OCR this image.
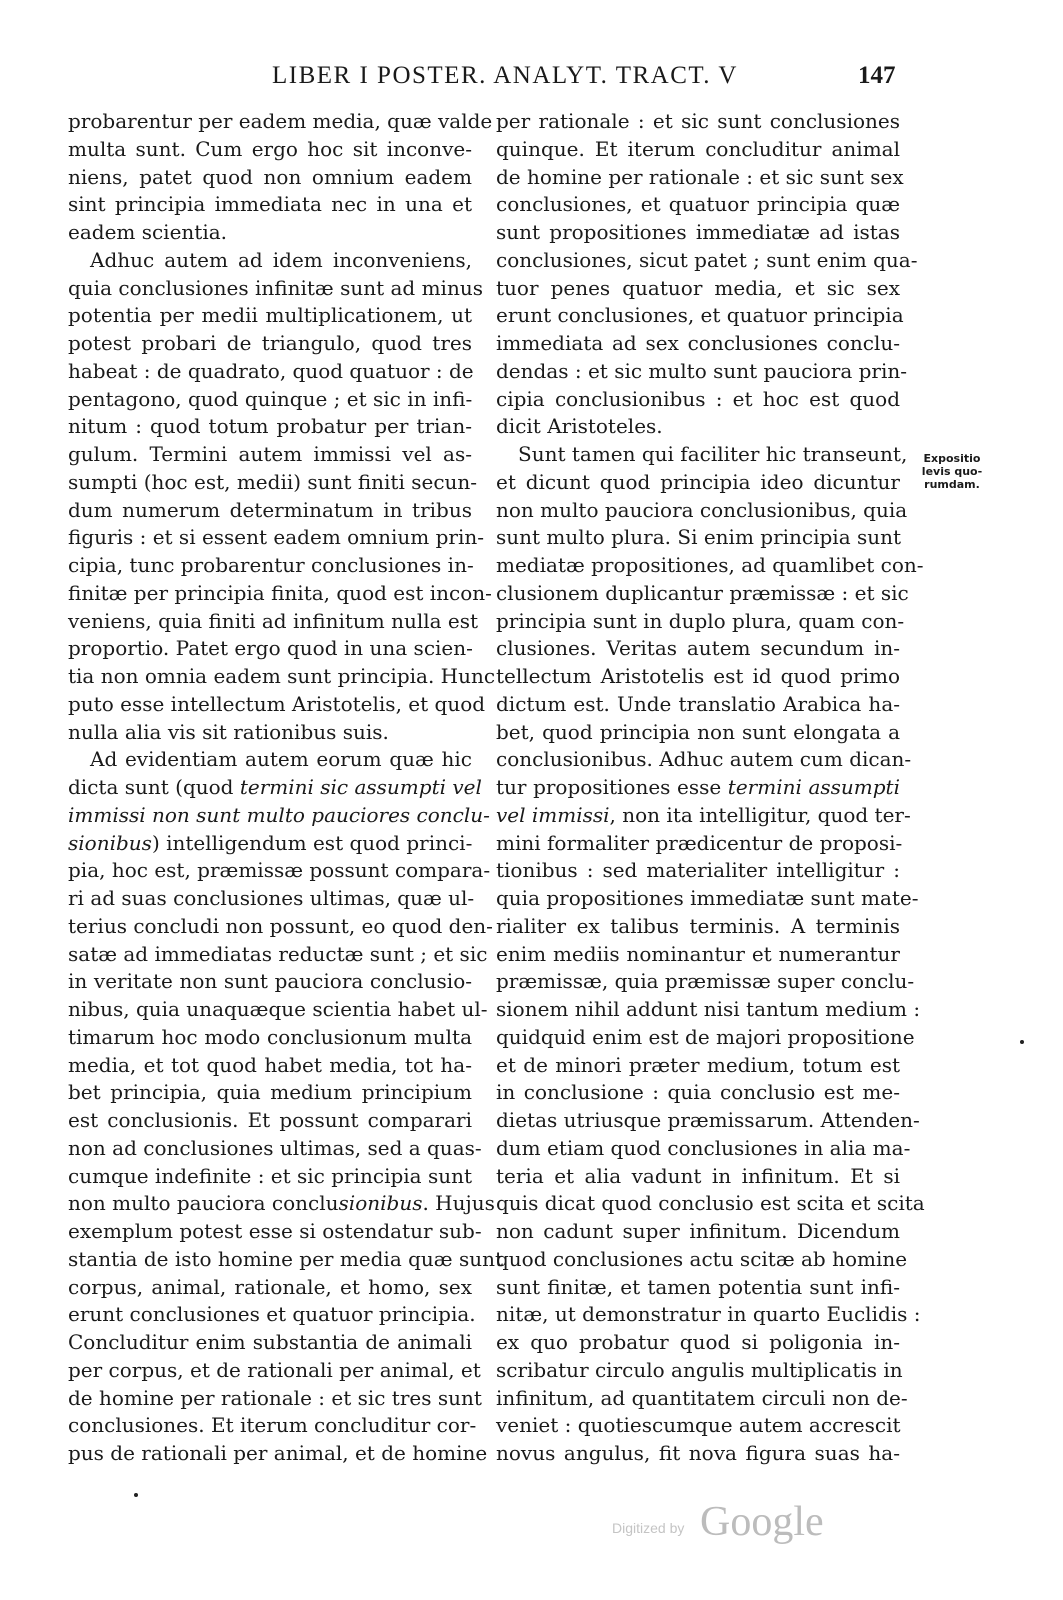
LIBER I POSTER. ANALYT. TRACT. V	147
probarentur per eadem media, quæ valde
multa sunt. Cum ergo hoc sit inconve-
niens, patet quod non omnium eadem
sint principia immediata nec in una et
eadem scientia.
Adhuc autem ad idem inconveniens,
quia conclusiones infinitæ sunt ad minus
potentia per medii multiplicationem, ut
potest probari de triangulo, quod tres
habeat : de quadrato, quod quatuor : de
pentagono, quod quinque ; et sic in infi-
nitum : quod totum probatur per trian-
gulum. Termini autem immissi vel as-
sumpti (hoc est, medii) sunt finiti secun-
dum numerum determinatum in tribus
figuris : et si essent eadem omnium prin-
cipia, tunc probarentur conclusiones in-
finitæ per principia finita, quod est incon-
veniens, quia finiti ad infinitum nulla est
proportio. Patet ergo quod in una scien-
tia non omnia eadem sunt principia. Hunc
puto esse intellectum Aristotelis, et quod
nulla alia vis sit rationibus suis.
Ad evidentiam autem eorum quæ hic
dicta sunt (quod termini sic assumpti vel
immissi non sunt multo pauciores conclu-
sionibus) intelligendum est quod princi-
pia, hoc est, præmissæ possunt compara-
ri ad suas conclusiones ultimas, quæ ul-
terius concludi non possunt, eo quod den-
satæ ad immediatas reductæ sunt ; et sic
in veritate non sunt pauciora conclusio-
nibus, quia unaquæque scientia habet ul-
timarum hoc modo conclusionum multa
media, et tot quod habet media, tot ha-
bet principia, quia medium principium
est conclusionis. Et possunt comparari
non ad conclusiones ultimas, sed a quas-
cumque indefinite : et sic principia sunt
non multo pauciora conclusionibus. Hujus
exemplum potest esse si ostendatur sub-
stantia de isto homine per media quæ sunt
corpus, animal, rationale, et homo, sex
erunt conclusiones et quatuor principia.
Concluditur enim substantia de animali
per corpus, et de rationali per animal, et
de homine per rationale : et sic tres sunt
conclusiones. Et iterum concluditur cor-
pus de rationali per animal, et de homine
per rationale : et sic sunt conclusiones
quinque. Et iterum concluditur animal
de homine per rationale : et sic sunt sex
conclusiones, et quatuor principia quæ
sunt propositiones immediatæ ad istas
conclusiones, sicut patet ; sunt enim qua-
tuor penes quatuor media, et sic sex
erunt conclusiones, et quatuor principia
immediata ad sex conclusiones conclu-
dendas : et sic multo sunt pauciora prin-
cipia conclusionibus : et hoc est quod
dicit Aristoteles.
Sunt tamen qui faciliter hic transeunt,
et dicunt quod principia ideo dicuntur
non multo pauciora conclusionibus, quia
sunt multo plura. Si enim principia sunt
mediatæ propositiones, ad quamlibet con-
clusionem duplicantur præmissæ : et sic
principia sunt in duplo plura, quam con-
clusiones. Veritas autem secundum in-
tellectum Aristotelis est id quod primo
dictum est. Unde translatio Arabica ha-
bet, quod principia non sunt elongata a
conclusionibus. Adhuc autem cum dican-
tur propositiones esse termini assumpti
vel immissi, non ita intelligitur, quod ter-
mini formaliter prædicentur de proposi-
tionibus : sed materialiter intelligitur :
quia propositiones immediatæ sunt mate-
rialiter ex talibus terminis. A terminis
enim mediis nominantur et numerantur
præmissæ, quia præmissæ super conclu-
sionem nihil addunt nisi tantum medium :
quidquid enim est de majori propositione
et de minori præter medium, totum est
in conclusione : quia conclusio est me-
dietas utriusque præmissarum. Attenden-
dum etiam quod conclusiones in alia ma-
teria et alia vadunt in infinitum. Et si
quis dicat quod conclusio est scita et scita
non cadunt super infinitum. Dicendum
quod conclusiones actu scitæ ab homine
sunt finitæ, et tamen potentia sunt infi-
nitæ, ut demonstratur in quarto Euclidis :
ex quo probatur quod si poligonia in-
scribatur circulo angulis multiplicatis in
infinitum, ad quantitatem circuli non de-
veniet : quotiescumque autem accrescit
novus angulus, fit nova figura suas ha-
Expositio
levis quo-
rumdam.
Digitized by Google
